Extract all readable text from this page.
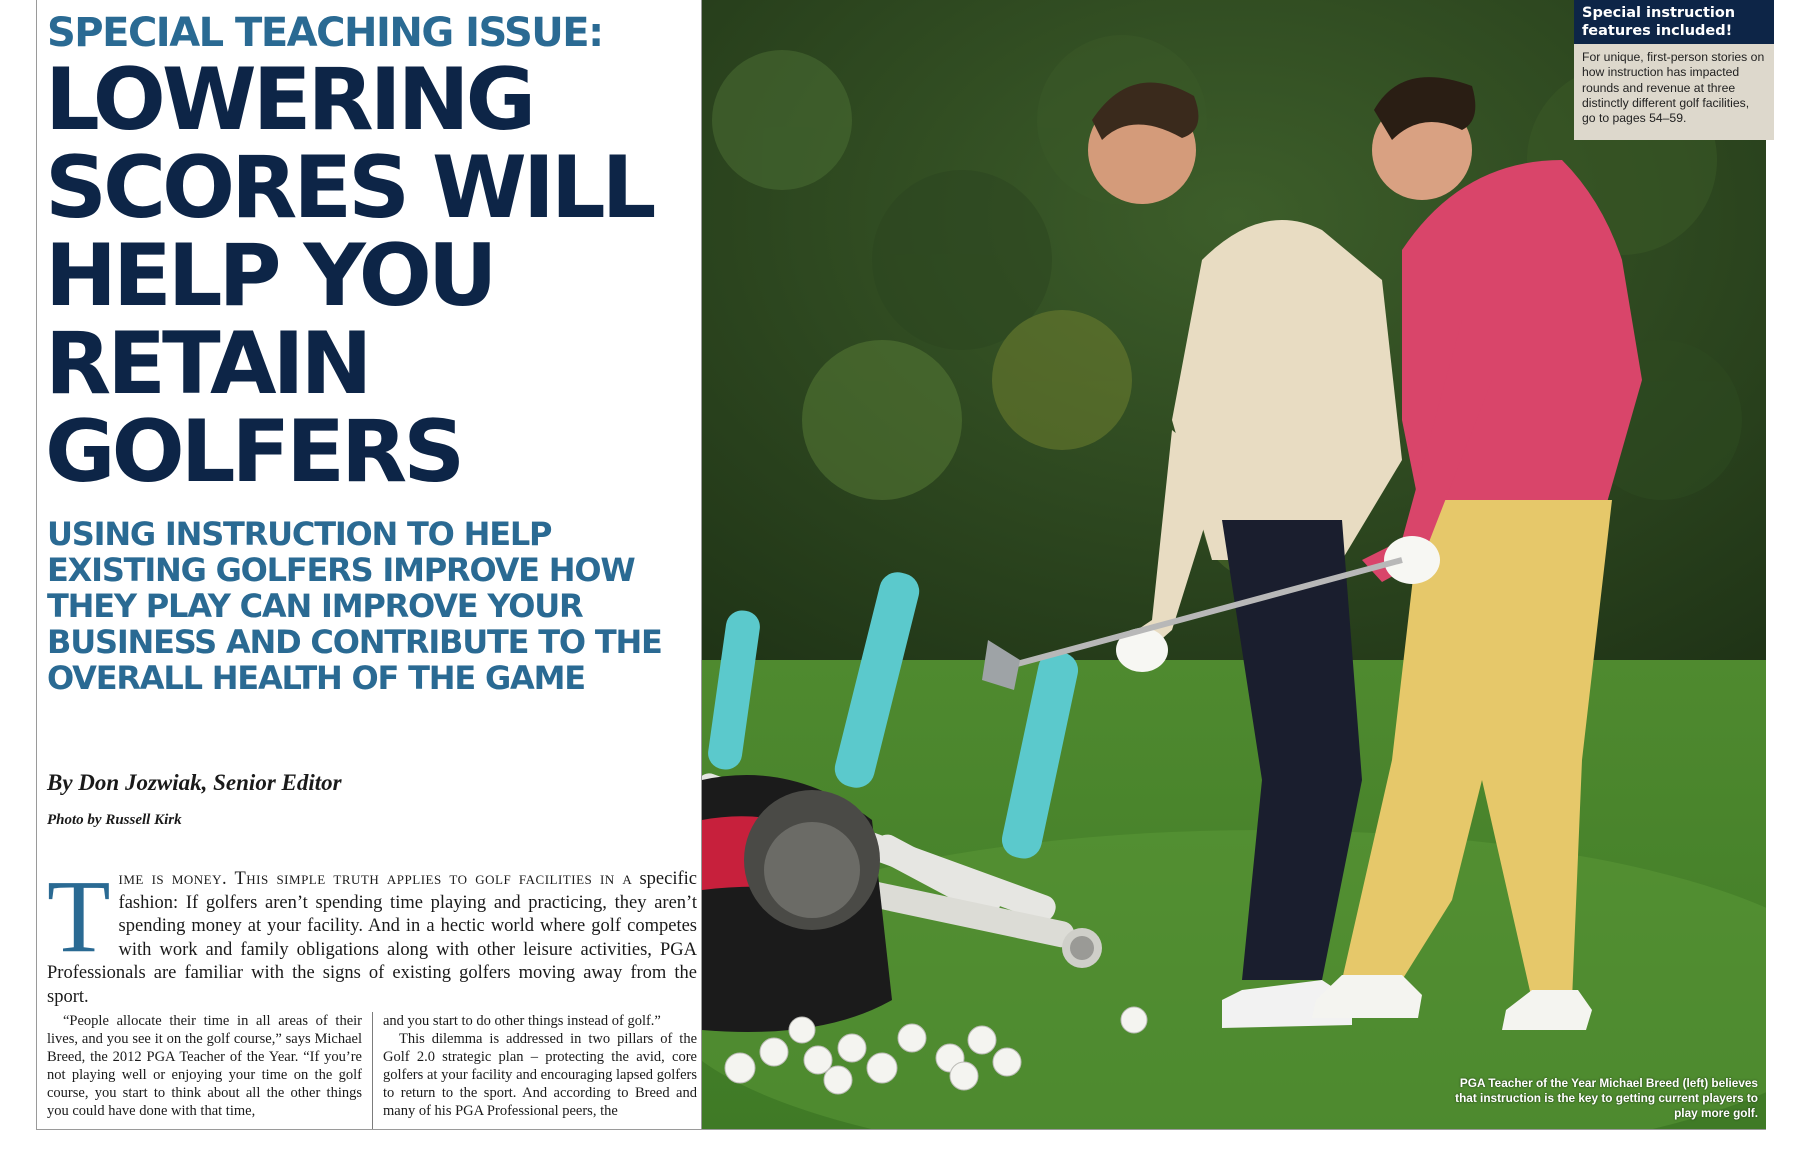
SPECIAL TEACHING ISSUE:
LOWERING SCORES WILL HELP YOU RETAIN GOLFERS
USING INSTRUCTION TO HELP EXISTING GOLFERS IMPROVE HOW THEY PLAY CAN IMPROVE YOUR BUSINESS AND CONTRIBUTE TO THE OVERALL HEALTH OF THE GAME
By Don Jozwiak, Senior Editor
Photo by Russell Kirk

Time is money. This simple truth applies to golf facilities in a specific fashion: If golfers aren’t spending time playing and practicing, they aren’t spending money at your facility. And in a hectic world where golf competes with work and family obligations along with other leisure activities, PGA Professionals are familiar with the signs of existing golfers moving away from the sport.

“People allocate their time in all areas of their lives, and you see it on the golf course,” says Michael Breed, the 2012 PGA Teacher of the Year. “If you’re not playing well or enjoying your time on the golf course, you start to think about all the other things you could have done with that time,

and you start to do other things instead of golf.”

This dilemma is addressed in two pillars of the Golf 2.0 strategic plan – protecting the avid, core golfers at your facility and encouraging lapsed golfers to return to the sport. And according to Breed and many of his PGA Professional peers, the

PGA Teacher of the Year Michael Breed (left) believes that instruction is the key to getting current players to play more golf.
Special instruction features included!
For unique, first-person stories on how instruction has impacted rounds and revenue at three distinctly different golf facilities, go to pages 54–59.
